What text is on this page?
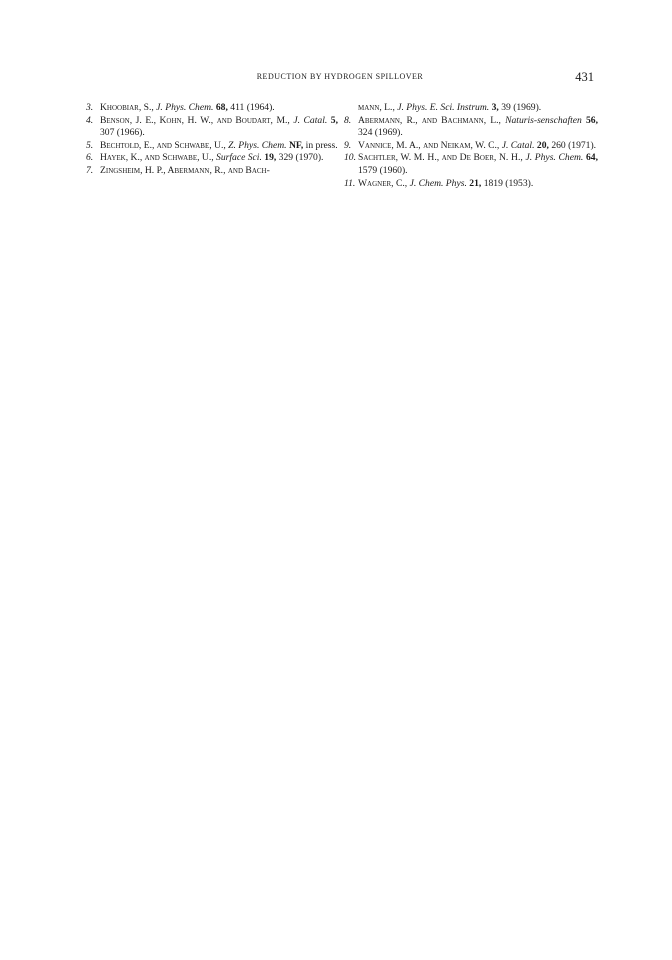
REDUCTION BY HYDROGEN SPILLOVER	431
3. Khoobiar, S., J. Phys. Chem. 68, 411 (1964).
4. Benson, J. E., Kohn, H. W., and Boudart, M., J. Catal. 5, 307 (1966).
5. Bechtold, E., and Schwabe, U., Z. Phys. Chem. NF, in press.
6. Hayek, K., and Schwabe, U., Surface Sci. 19, 329 (1970).
7. Zingsheim, H. P., Abermann, R., and Bach-
mann, L., J. Phys. E. Sci. Instrum. 3, 39 (1969).
8. Abermann, R., and Bachmann, L., Naturis-senschaften 56, 324 (1969).
9. Vannice, M. A., and Neikam, W. C., J. Catal. 20, 260 (1971).
10. Sachtler, W. M. H., and De Boer, N. H., J. Phys. Chem. 64, 1579 (1960).
11. Wagner, C., J. Chem. Phys. 21, 1819 (1953).
